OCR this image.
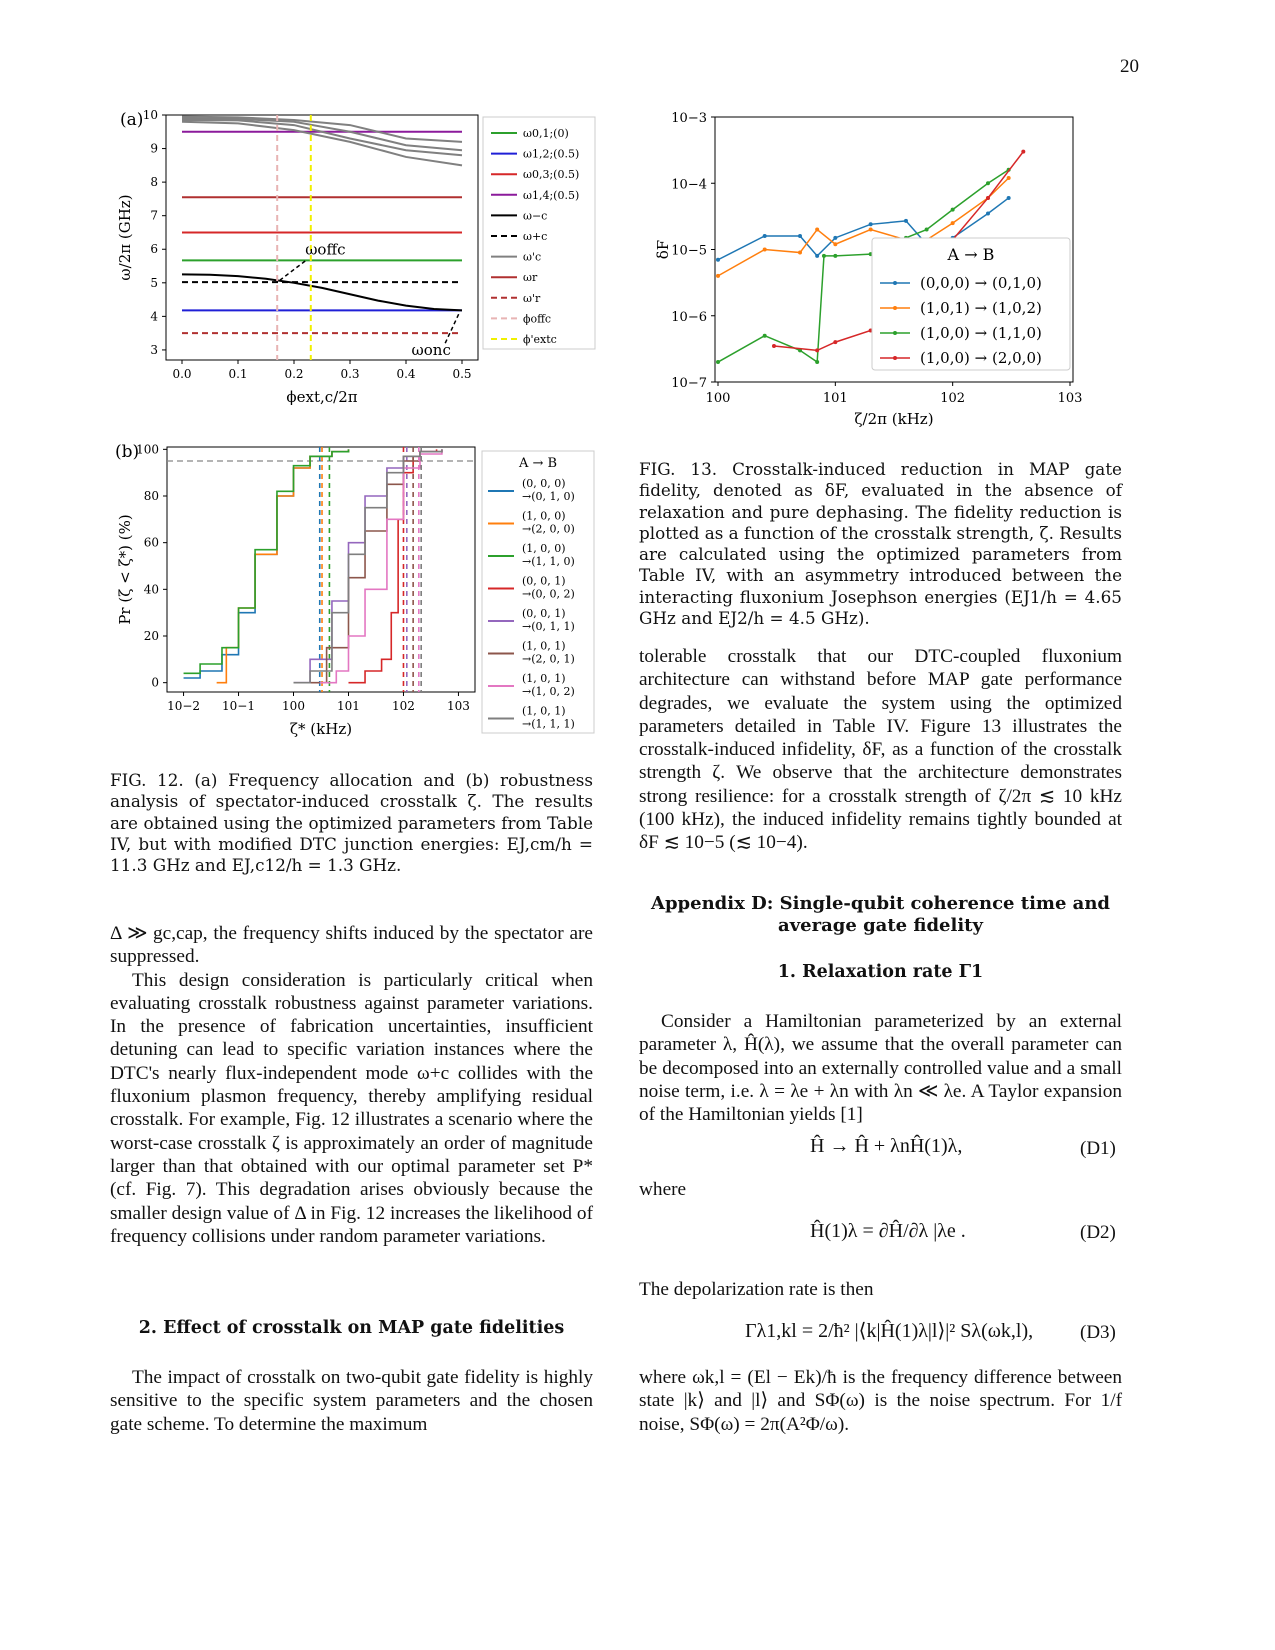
20
(a)
0.0	0.1	0.2	0.3	0.4	0.5
3
4
5
6
7
8
9
10
ωoffc
ωonc
ϕext,c/2π
ω/2π (GHz)
ω0,1;(0)
ω1,2;(0.5)
ω0,3;(0.5)
ω1,4;(0.5)
ω−c
ω+c
ω'c
ωr
ω'r
ϕoffc
ϕ'extc
(b)
10−2 10−1 100	101	102	103
0
20
40
60
80
100
ζ* (kHz)
Pr (ζ < ζ*) (%)
A → B
(0, 0, 0)
→(0, 1, 0)
(1, 0, 0)
→(2, 0, 0)
(1, 0, 0)
→(1, 1, 0)
(0, 0, 1)
→(0, 0, 2)
(0, 0, 1)
→(0, 1, 1)
(1, 0, 1)
→(2, 0, 1)
(1, 0, 1)
→(1, 0, 2)
(1, 0, 1)
→(1, 1, 1)
100	101	102	103
10−7
10−6
10−5
10−4
10−3
ζ/2π (kHz)
δF	A → B
(0,0,0) → (0,1,0)
(1,0,1) → (1,0,2)
(1,0,0) → (1,1,0)
(1,0,0) → (2,0,0)
FIG. 12. (a) Frequency allocation and (b) robustness analysis of spectator-induced crosstalk ζ. The results are obtained using the optimized parameters from Table IV, but with modified DTC junction energies: EJ,cm/h = 11.3 GHz and EJ,c12/h = 1.3 GHz.
FIG. 13. Crosstalk-induced reduction in MAP gate fidelity, denoted as δF, evaluated in the absence of relaxation and pure dephasing. The fidelity reduction is plotted as a function of the crosstalk strength, ζ. Results are calculated using the optimized parameters from Table IV, with an asymmetry introduced between the interacting fluxonium Josephson energies (EJ1/h = 4.65 GHz and EJ2/h = 4.5 GHz).

Δ ≫ gc,cap, the frequency shifts induced by the spectator are suppressed.

This design consideration is particularly critical when evaluating crosstalk robustness against parameter variations. In the presence of fabrication uncertainties, insufficient detuning can lead to specific variation instances where the DTC's nearly flux-independent mode ω+c collides with the fluxonium plasmon frequency, thereby amplifying residual crosstalk. For example, Fig. 12 illustrates a scenario where the worst-case crosstalk ζ is approximately an order of magnitude larger than that obtained with our optimal parameter set P* (cf. Fig. 7). This degradation arises obviously because the smaller design value of Δ in Fig. 12 increases the likelihood of frequency collisions under random parameter variations.

2. Effect of crosstalk on MAP gate fidelities

The impact of crosstalk on two-qubit gate fidelity is highly sensitive to the specific system parameters and the chosen gate scheme. To determine the maximum

tolerable crosstalk that our DTC-coupled fluxonium architecture can withstand before MAP gate performance degrades, we evaluate the system using the optimized parameters detailed in Table IV. Figure 13 illustrates the crosstalk-induced infidelity, δF, as a function of the crosstalk strength ζ. We observe that the architecture demonstrates strong resilience: for a crosstalk strength of ζ/2π ≲ 10 kHz (100 kHz), the induced infidelity remains tightly bounded at δF ≲ 10−5 (≲ 10−4).

Appendix D: Single-qubit coherence time and
average gate fidelity
1. Relaxation rate Γ1

Consider a Hamiltonian parameterized by an external parameter λ, Ĥ(λ), we assume that the overall parameter can be decomposed into an externally controlled value and a small noise term, i.e. λ = λe + λn with λn ≪ λe. A Taylor expansion of the Hamiltonian yields [1]

Ĥ → Ĥ + λnĤ(1)λ,	(D1)
where
Ĥ(1)λ = ∂Ĥ/∂λ |λe .	(D2)
The depolarization rate is then
Γλ1,kl = 2/ħ² |⟨k|Ĥ(1)λ|l⟩|² Sλ(ωk,l), (D3)
where ωk,l = (El − Ek)/ħ is the frequency difference between state |k⟩ and |l⟩ and SΦ(ω) is the noise spectrum. For 1/f noise, SΦ(ω) = 2π(A²Φ/ω).
